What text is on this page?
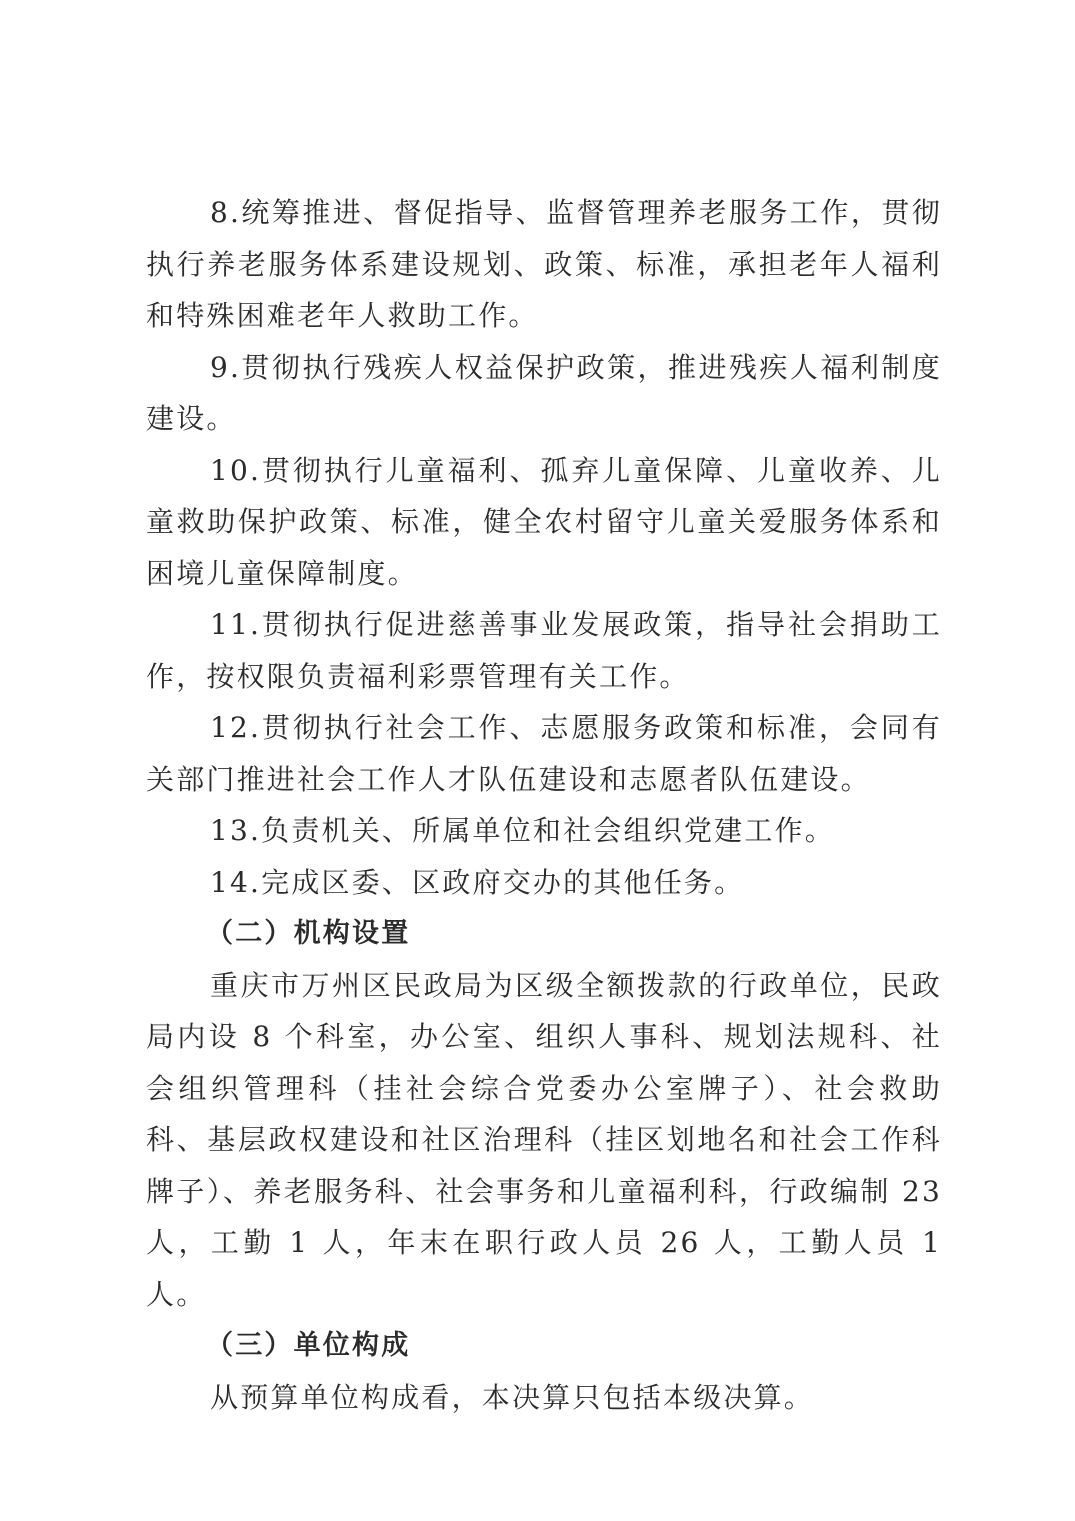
8.统筹推进、督促指导、监督管理养老服务工作，贯彻执行养老服务体系建设规划、政策、标准，承担老年人福利和特殊困难老年人救助工作。

9.贯彻执行残疾人权益保护政策，推进残疾人福利制度建设。

10.贯彻执行儿童福利、孤弃儿童保障、儿童收养、儿童救助保护政策、标准，健全农村留守儿童关爱服务体系和困境儿童保障制度。

11.贯彻执行促进慈善事业发展政策，指导社会捐助工作，按权限负责福利彩票管理有关工作。

12.贯彻执行社会工作、志愿服务政策和标准，会同有关部门推进社会工作人才队伍建设和志愿者队伍建设。

13.负责机关、所属单位和社会组织党建工作。

14.完成区委、区政府交办的其他任务。

（二）机构设置

重庆市万州区民政局为区级全额拨款的行政单位，民政局内设 8 个科室，办公室、组织人事科、规划法规科、社会组织管理科（挂社会综合党委办公室牌子）、社会救助科、基层政权建设和社区治理科（挂区划地名和社会工作科牌子）、养老服务科、社会事务和儿童福利科，行政编制 23 人，工勤 1 人，年末在职行政人员 26 人，工勤人员 1 人。

（三）单位构成

从预算单位构成看，本决算只包括本级决算。
